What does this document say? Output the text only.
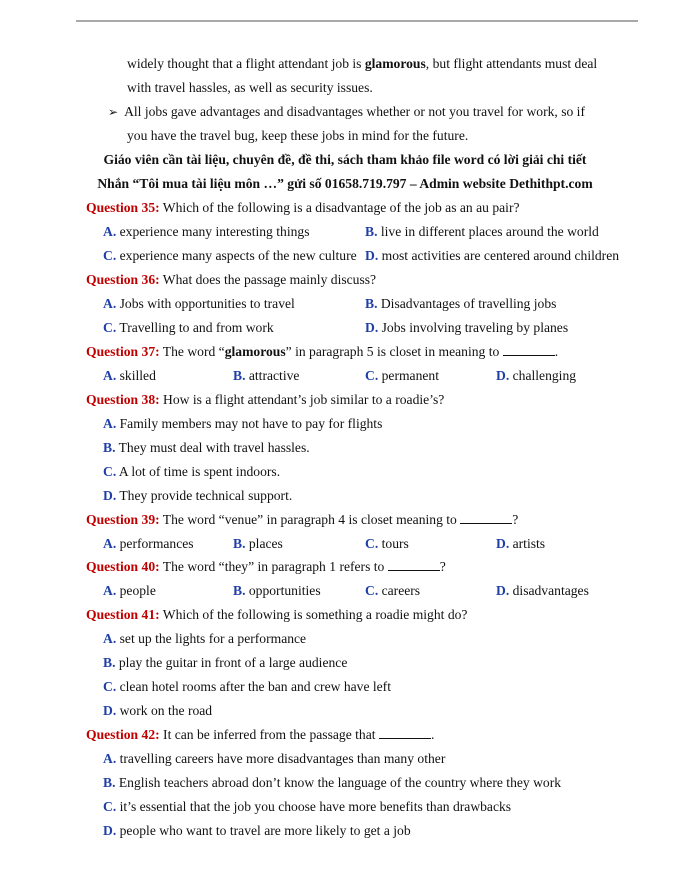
widely thought that a flight attendant job is glamorous, but flight attendants must deal
with travel hassles, as well as security issues.
➢ All jobs gave advantages and disadvantages whether or not you travel for work, so if
you have the travel bug, keep these jobs in mind for the future.
Giáo viên cần tài liệu, chuyên đề, đề thi, sách tham khảo file word có lời giải chi tiết
Nhắn “Tôi mua tài liệu môn …” gửi số 01658.719.797 – Admin website Dethithpt.com
Question 35: Which of the following is a disadvantage of the job as an au pair?
A. experience many interesting things	B. live in different places around the world
C. experience many aspects of the new culture D. most activities are centered around children
Question 36: What does the passage mainly discuss?
A. Jobs with opportunities to travel	B. Disadvantages of travelling jobs
C. Travelling to and from work	D. Jobs involving traveling by planes
Question 37: The word “glamorous” in paragraph 5 is closet in meaning to	.
A. skilled	B. attractive	C. permanent	D. challenging
Question 38: How is a flight attendant’s job similar to a roadie’s?
A. Family members may not have to pay for flights
B. They must deal with travel hassles.
C. A lot of time is spent indoors.
D. They provide technical support.
Question 39: The word “venue” in paragraph 4 is closet meaning to	?
A. performances	B. places	C. tours	D. artists
Question 40: The word “they” in paragraph 1 refers to	?
A. people	B. opportunities	C. careers	D. disadvantages
Question 41: Which of the following is something a roadie might do?
A. set up the lights for a performance
B. play the guitar in front of a large audience
C. clean hotel rooms after the ban and crew have left
D. work on the road
Question 42: It can be inferred from the passage that	.
A. travelling careers have more disadvantages than many other
B. English teachers abroad don’t know the language of the country where they work
C. it’s essential that the job you choose have more benefits than drawbacks
D. people who want to travel are more likely to get a job
